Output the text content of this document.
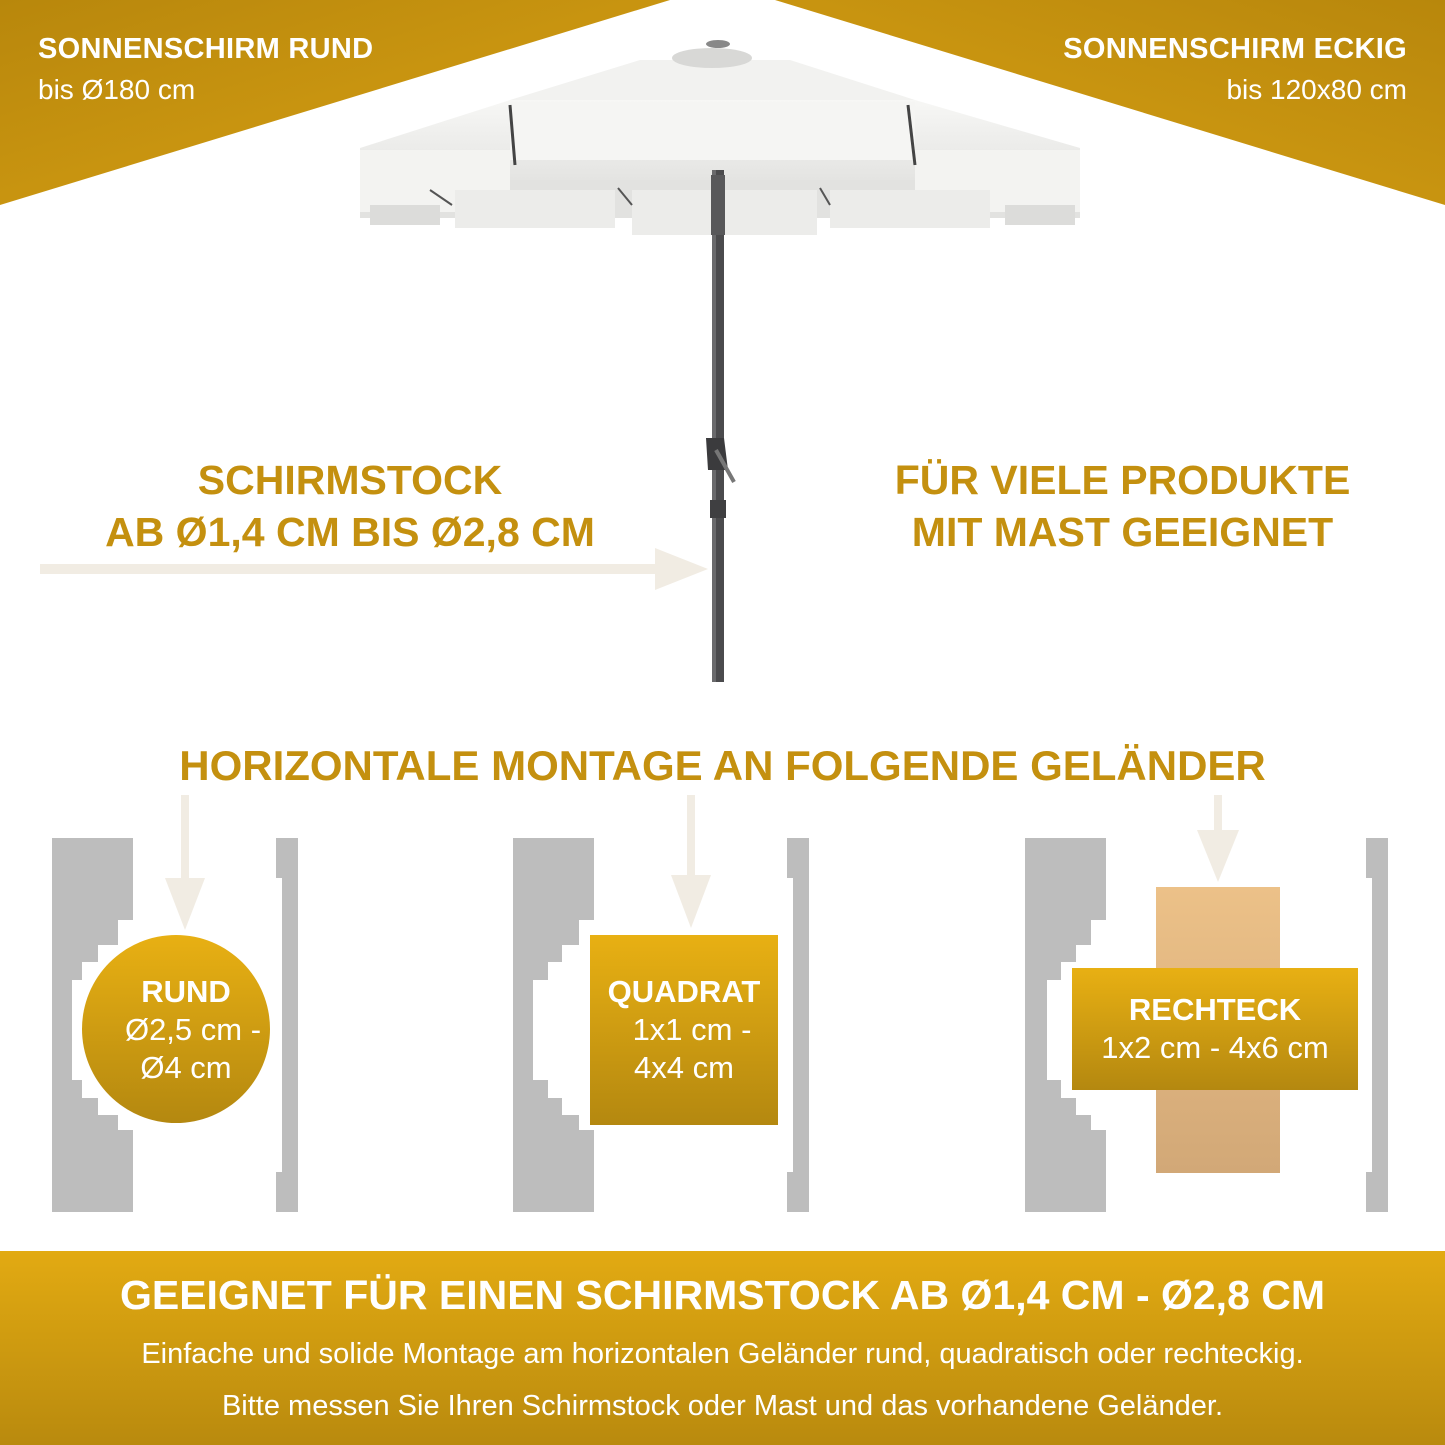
SONNENSCHIRM RUND
bis Ø180 cm
SONNENSCHIRM ECKIG
bis 120x80 cm
SCHIRMSTOCK
AB Ø1,4 CM BIS Ø2,8 CM
FÜR VIELE PRODUKTE
MIT MAST GEEIGNET
HORIZONTALE MONTAGE AN FOLGENDE GELÄNDER
RUND
Ø2,5 cm -
Ø4 cm
QUADRAT
1x1 cm -
4x4 cm
RECHTECK
1x2 cm - 4x6 cm
GEEIGNET FÜR EINEN SCHIRMSTOCK AB Ø1,4 CM - Ø2,8 CM
Einfache und solide Montage am horizontalen Geländer rund, quadratisch oder rechteckig.
Bitte messen Sie Ihren Schirmstock oder Mast und das vorhandene Geländer.
